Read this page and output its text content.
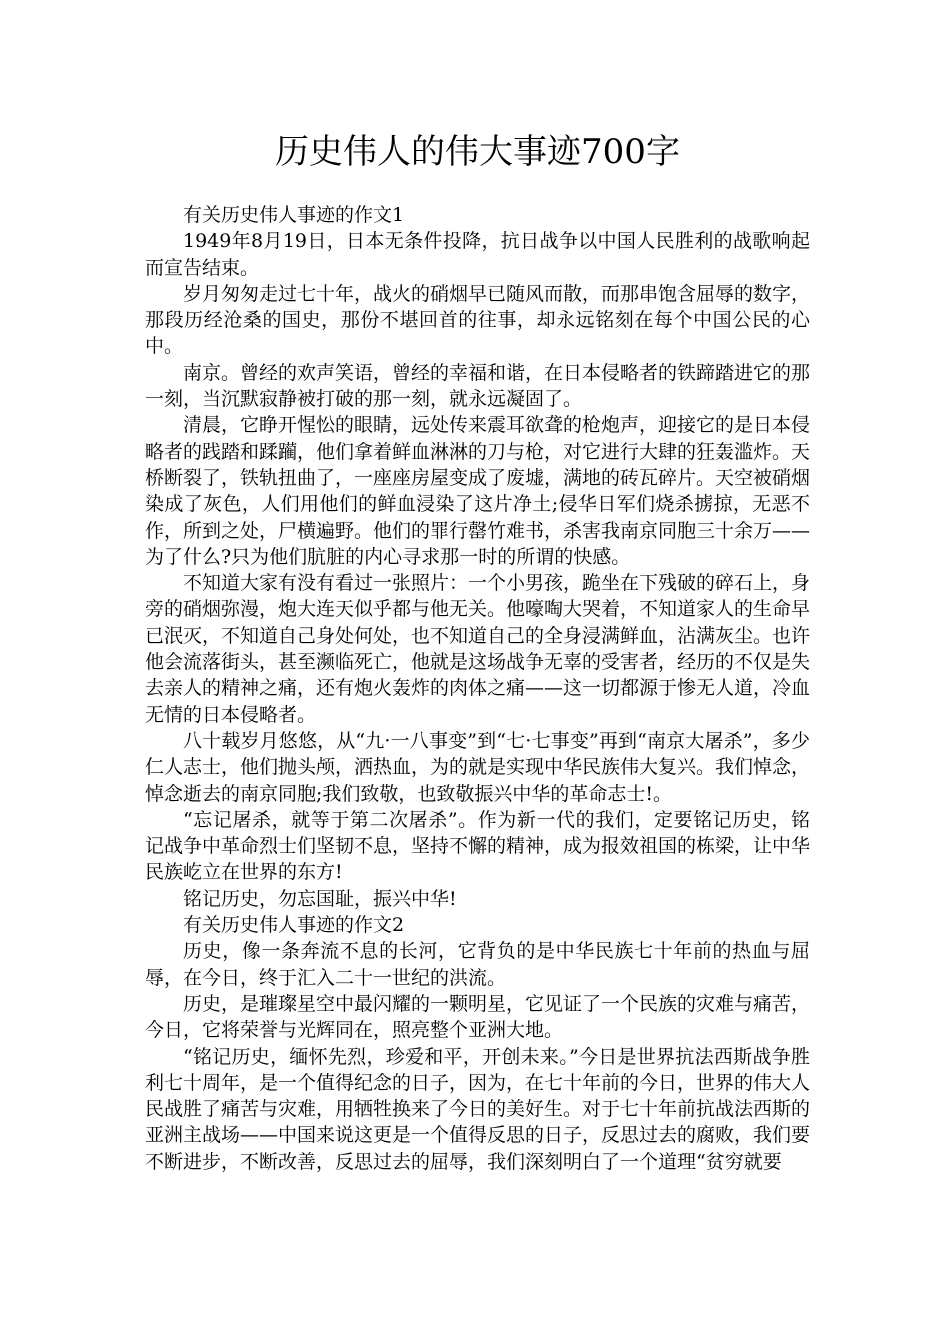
历史伟人的伟大事迹700字

有关历史伟人事迹的作文1

1949年8月19日，日本无条件投降，抗日战争以中国人民胜利的战歌响起而宣告结束。

岁月匆匆走过七十年，战火的硝烟早已随风而散，而那串饱含屈辱的数字，那段历经沧桑的国史，那份不堪回首的往事，却永远铭刻在每个中国公民的心中。

南京。曾经的欢声笑语，曾经的幸福和谐，在日本侵略者的铁蹄踏进它的那一刻，当沉默寂静被打破的那一刻，就永远凝固了。

清晨，它睁开惺忪的眼睛，远处传来震耳欲聋的枪炮声，迎接它的是日本侵略者的践踏和蹂躏，他们拿着鲜血淋淋的刀与枪，对它进行大肆的狂轰滥炸。天桥断裂了，铁轨扭曲了，一座座房屋变成了废墟，满地的砖瓦碎片。天空被硝烟染成了灰色，人们用他们的鲜血浸染了这片净土;侵华日军们烧杀掳掠，无恶不作，所到之处，尸横遍野。他们的罪行罄竹难书，杀害我南京同胞三十余万——为了什么?只为他们肮脏的内心寻求那一时的所谓的快感。

不知道大家有没有看过一张照片：一个小男孩，跪坐在下残破的碎石上，身旁的硝烟弥漫，炮大连天似乎都与他无关。他嚎啕大哭着，不知道家人的生命早已泯灭，不知道自己身处何处，也不知道自己的全身浸满鲜血，沾满灰尘。也许他会流落街头，甚至濒临死亡，他就是这场战争无辜的受害者，经历的不仅是失去亲人的精神之痛，还有炮火轰炸的肉体之痛——这一切都源于惨无人道，冷血无情的日本侵略者。

八十载岁月悠悠，从“九·一八事变”到“七·七事变”再到“南京大屠杀”，多少仁人志士，他们抛头颅，洒热血，为的就是实现中华民族伟大复兴。我们悼念，悼念逝去的南京同胞;我们致敬，也致敬振兴中华的革命志士!。

“忘记屠杀，就等于第二次屠杀”。作为新一代的我们，定要铭记历史，铭记战争中革命烈士们坚韧不息，坚持不懈的精神，成为报效祖国的栋梁，让中华民族屹立在世界的东方!

铭记历史，勿忘国耻，振兴中华!

有关历史伟人事迹的作文2

历史，像一条奔流不息的长河，它背负的是中华民族七十年前的热血与屈辱，在今日，终于汇入二十一世纪的洪流。

历史，是璀璨星空中最闪耀的一颗明星，它见证了一个民族的灾难与痛苦，今日，它将荣誉与光辉同在，照亮整个亚洲大地。

“铭记历史，缅怀先烈，珍爱和平，开创未来。”今日是世界抗法西斯战争胜利七十周年，是一个值得纪念的日子，因为，在七十年前的今日，世界的伟大人民战胜了痛苦与灾难，用牺牲换来了今日的美好生。对于七十年前抗战法西斯的亚洲主战场——中国来说这更是一个值得反思的日子，反思过去的腐败，我们要不断进步，不断改善，反思过去的屈辱，我们深刻明白了一个道理“贫穷就要
